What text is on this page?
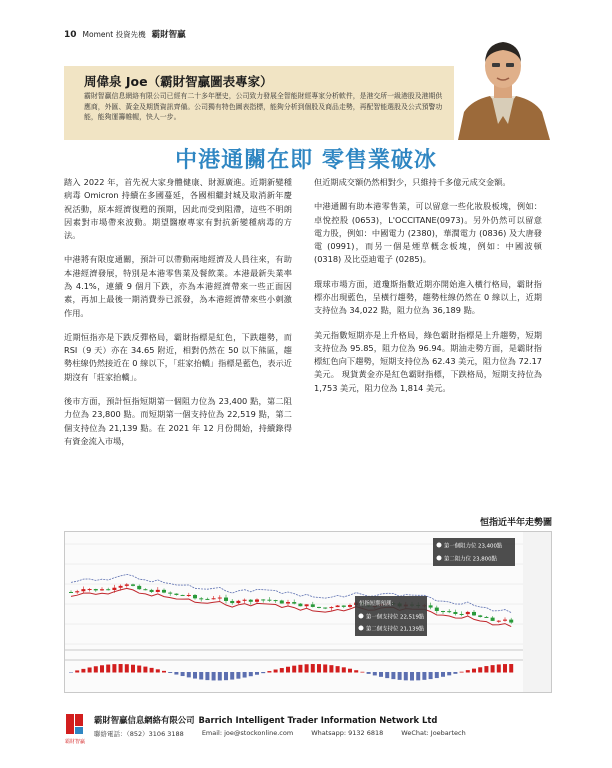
10 Moment 投資先機 霸財智贏
周偉泉 Joe（霸財智贏圖表專家）
霸財智贏信息網絡有限公司已經有二十多年歷史，公司致力發展全智能財經專家分析軟件，是港交所一級港股及港期供應商，外匯、黃金及期貨資訊齊備。公司獨有特色圖表指標，能夠分析到個股及商品走勢，再配智能選股及公式預警功能，能夠運籌帷幄，快人一步。
中港通關在即 零售業破冰

踏入 2022 年，首先祝大家身體健康、財源廣進。近期新變種病毒 Omicron 持續在多國蔓延，各國相繼封城及取消新年慶祝活動，原本經濟復甦的預期，因此而受到阻滯，這些不明朗因素對市場帶來波動。期望醫療專家有對抗新變種病毒的方法。

中港將有限度通關，預計可以帶動兩地經濟及人員往來，有助本港經濟發展，特別是本港零售業及餐飲業。本港最新失業率為 4.1%，連續 9 個月下跌，亦為本港經濟帶來一些正面因素，再加上最後一期消費券已派發，為本港經濟帶來些小刺激作用。

近期恒指亦是下跌反彈格局，霸財指標是紅色，下跌趨勢，而 RSI（9 天）亦在 34.65 附近，相對仍然在 50 以下熊區，趨勢柱線仍然接近在 0 線以下，「莊家抬轎」指標是藍色，表示近期沒有「莊家抬轎」。

後市方面，預計恒指短期第一個阻力位為 23,400 點，第二阻力位為 23,800 點。而短期第一個支持位為 22,519 點，第二個支持位為 21,139 點。在 2021 年 12 月份開始，持續錄得有資金流入市場，

但近期成交額仍然相對少，只維持千多億元成交金額。

中港通關有助本港零售業，可以留意一些化妝股板塊，例如：卓悅控股 (0653)，L'OCCITANE(0973)。另外仍然可以留意電力股，例如：中國電力 (2380)，華潤電力 (0836) 及大唐發電 (0991)，而另一個是煙草概念板塊，例如：中國波頓 (0318) 及比亞迪電子 (0285)。

環球市場方面，道瓊斯指數近期亦開始進入橫行格局，霸財指標亦出現藍色，呈橫行趨勢，趨勢柱線仍然在 0 線以上，近期支持位為 34,022 點，阻力位為 36,189 點。

美元指數短期亦是上升格局，綠色霸財指標是上升趨勢，短期支持位為 95.85，阻力位為 96.94。期油走勢方面，是霸財指標紅色向下趨勢，短期支持位為 62.43 美元，阻力位為 72.17 美元。 現貨黃金亦是紅色霸財指標，下跌格局，短期支持位為 1,753 美元，阻力位為 1,814 美元。

恒指近半年走勢圖
第一個阻力位 23,400點
第二阻力位 23,800點
恒指短期預測：
第一個支持位 22,519點
第二個支持位 21,139點
霸財智贏
霸財智贏信息網絡有限公司 Barrich Intelligent Trader Information Network Ltd
聯絡電話：（852）3106 3188	Email: joe@stockonline.com	Whatsapp: 9132 6818	WeChat: Joebartech
